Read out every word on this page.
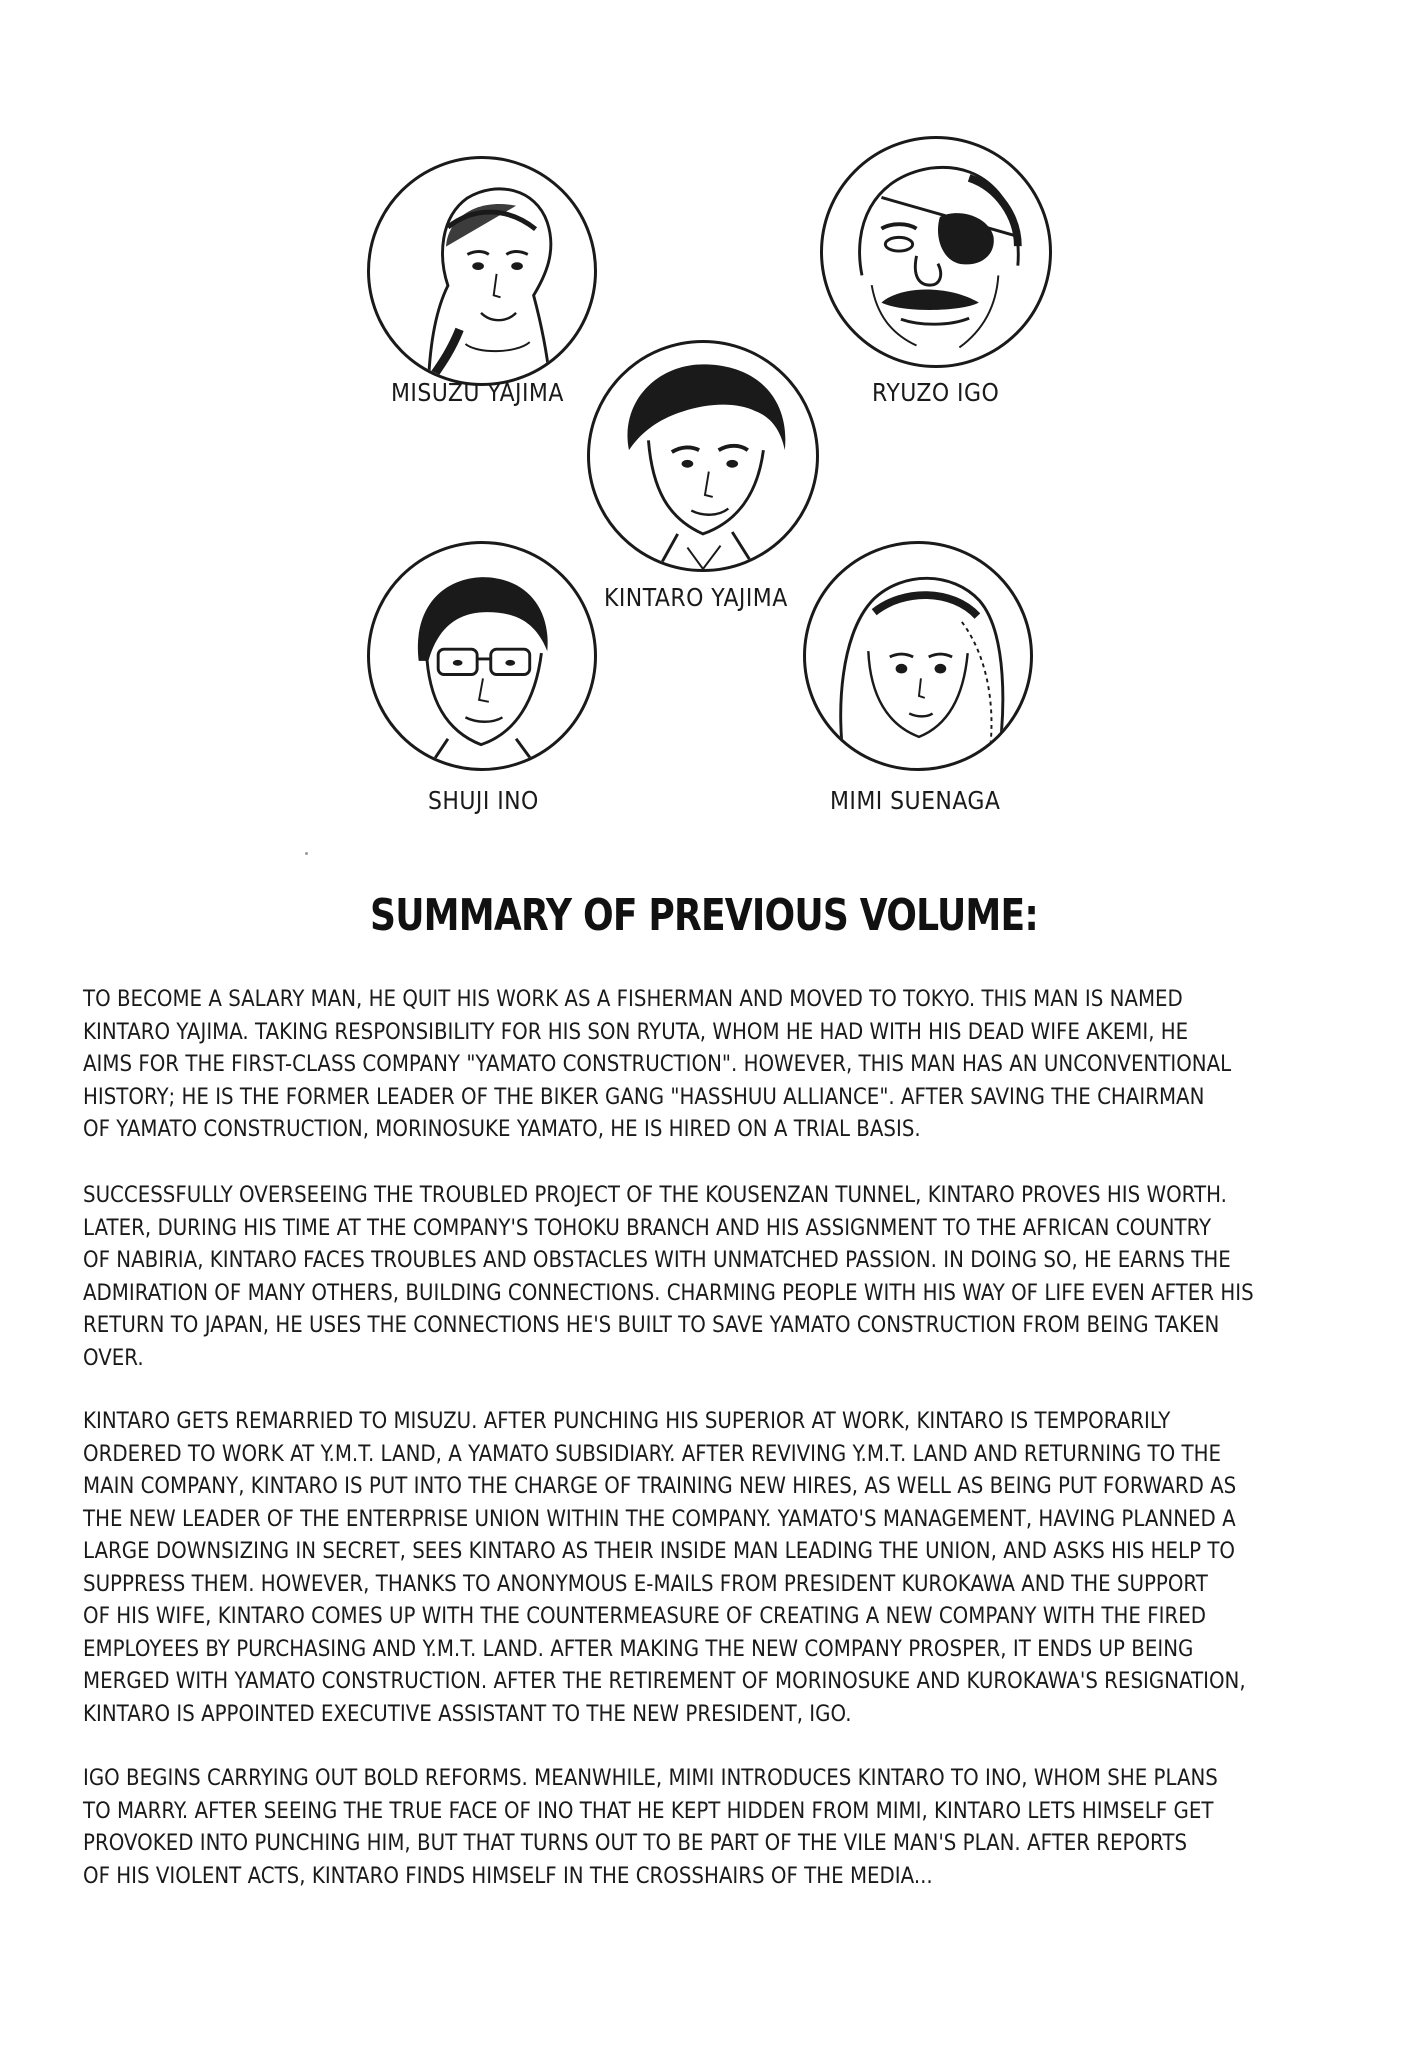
MISUZU YAJIMA	RYUZO IGO
KINTARO YAJIMA
SHUJI INO	MIMI SUENAGA
SUMMARY OF PREVIOUS VOLUME:

TO BECOME A SALARY MAN, HE QUIT HIS WORK AS A FISHERMAN AND MOVED TO TOKYO. THIS MAN IS NAMED
KINTARO YAJIMA. TAKING RESPONSIBILITY FOR HIS SON RYUTA, WHOM HE HAD WITH HIS DEAD WIFE AKEMI, HE
AIMS FOR THE FIRST-CLASS COMPANY "YAMATO CONSTRUCTION". HOWEVER, THIS MAN HAS AN UNCONVENTIONAL
HISTORY; HE IS THE FORMER LEADER OF THE BIKER GANG "HASSHUU ALLIANCE". AFTER SAVING THE CHAIRMAN
OF YAMATO CONSTRUCTION, MORINOSUKE YAMATO, HE IS HIRED ON A TRIAL BASIS.

SUCCESSFULLY OVERSEEING THE TROUBLED PROJECT OF THE KOUSENZAN TUNNEL, KINTARO PROVES HIS WORTH.
LATER, DURING HIS TIME AT THE COMPANY'S TOHOKU BRANCH AND HIS ASSIGNMENT TO THE AFRICAN COUNTRY
OF NABIRIA, KINTARO FACES TROUBLES AND OBSTACLES WITH UNMATCHED PASSION. IN DOING SO, HE EARNS THE
ADMIRATION OF MANY OTHERS, BUILDING CONNECTIONS. CHARMING PEOPLE WITH HIS WAY OF LIFE EVEN AFTER HIS
RETURN TO JAPAN, HE USES THE CONNECTIONS HE'S BUILT TO SAVE YAMATO CONSTRUCTION FROM BEING TAKEN
OVER.

KINTARO GETS REMARRIED TO MISUZU. AFTER PUNCHING HIS SUPERIOR AT WORK, KINTARO IS TEMPORARILY
ORDERED TO WORK AT Y.M.T. LAND, A YAMATO SUBSIDIARY. AFTER REVIVING Y.M.T. LAND AND RETURNING TO THE
MAIN COMPANY, KINTARO IS PUT INTO THE CHARGE OF TRAINING NEW HIRES, AS WELL AS BEING PUT FORWARD AS
THE NEW LEADER OF THE ENTERPRISE UNION WITHIN THE COMPANY. YAMATO'S MANAGEMENT, HAVING PLANNED A
LARGE DOWNSIZING IN SECRET, SEES KINTARO AS THEIR INSIDE MAN LEADING THE UNION, AND ASKS HIS HELP TO
SUPPRESS THEM. HOWEVER, THANKS TO ANONYMOUS E-MAILS FROM PRESIDENT KUROKAWA AND THE SUPPORT
OF HIS WIFE, KINTARO COMES UP WITH THE COUNTERMEASURE OF CREATING A NEW COMPANY WITH THE FIRED
EMPLOYEES BY PURCHASING AND Y.M.T. LAND. AFTER MAKING THE NEW COMPANY PROSPER, IT ENDS UP BEING
MERGED WITH YAMATO CONSTRUCTION. AFTER THE RETIREMENT OF MORINOSUKE AND KUROKAWA'S RESIGNATION,
KINTARO IS APPOINTED EXECUTIVE ASSISTANT TO THE NEW PRESIDENT, IGO.

IGO BEGINS CARRYING OUT BOLD REFORMS. MEANWHILE, MIMI INTRODUCES KINTARO TO INO, WHOM SHE PLANS
TO MARRY. AFTER SEEING THE TRUE FACE OF INO THAT HE KEPT HIDDEN FROM MIMI, KINTARO LETS HIMSELF GET
PROVOKED INTO PUNCHING HIM, BUT THAT TURNS OUT TO BE PART OF THE VILE MAN'S PLAN. AFTER REPORTS
OF HIS VIOLENT ACTS, KINTARO FINDS HIMSELF IN THE CROSSHAIRS OF THE MEDIA...
